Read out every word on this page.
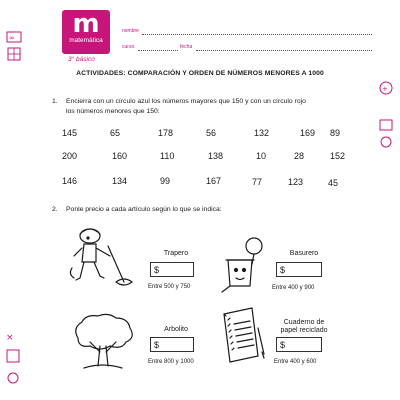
m
matemática
3° básico
nombre
curso	fecha
∞
+
×
ACTIVIDADES: COMPARACIÓN Y ORDEN DE NÚMEROS MENORES A 1000
1. Encierra con un círculo azul los números mayores que 150 y con un círculo rojo
los números menores que 150:
145	65	178	56	132	169 89
200	160	110	138	10	28	152
146	134	99	167	77	123	45
2. Ponle precio a cada artículo según lo que se indica:
Trapero
$
Entre 500 y 750
Basurero
$
Entre 400 y 900
Arbolito
$
Entre 800 y 1000
Cuaderno de
papel reciclado
$
Entre 400 y 600
